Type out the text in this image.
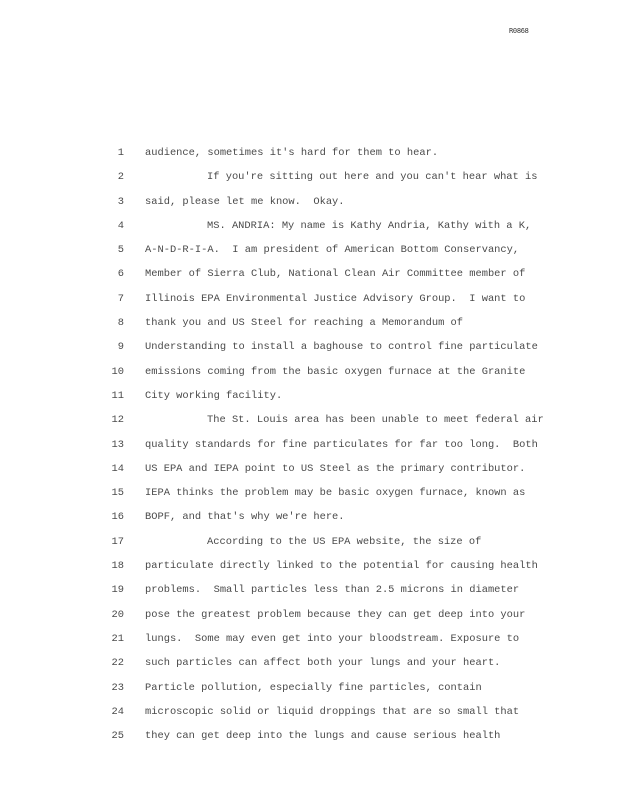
R0868
1 audience, sometimes it's hard for them to hear.
2	If you're sitting out here and you can't hear what is
3 said, please let me know.  Okay.
4	MS. ANDRIA: My name is Kathy Andria, Kathy with a K,
5 A-N-D-R-I-A.  I am president of American Bottom Conservancy,
6 Member of Sierra Club, National Clean Air Committee member of
7 Illinois EPA Environmental Justice Advisory Group.  I want to
8 thank you and US Steel for reaching a Memorandum of
9 Understanding to install a baghouse to control fine particulate
10 emissions coming from the basic oxygen furnace at the Granite
11 City working facility.
12	The St. Louis area has been unable to meet federal air
13 quality standards for fine particulates for far too long.  Both
14 US EPA and IEPA point to US Steel as the primary contributor.
15 IEPA thinks the problem may be basic oxygen furnace, known as
16 BOPF, and that's why we're here.
17	According to the US EPA website, the size of
18 particulate directly linked to the potential for causing health
19 problems.  Small particles less than 2.5 microns in diameter
20 pose the greatest problem because they can get deep into your
21 lungs.  Some may even get into your bloodstream. Exposure to
22 such particles can affect both your lungs and your heart.
23 Particle pollution, especially fine particles, contain
24 microscopic solid or liquid droppings that are so small that
25 they can get deep into the lungs and cause serious health
